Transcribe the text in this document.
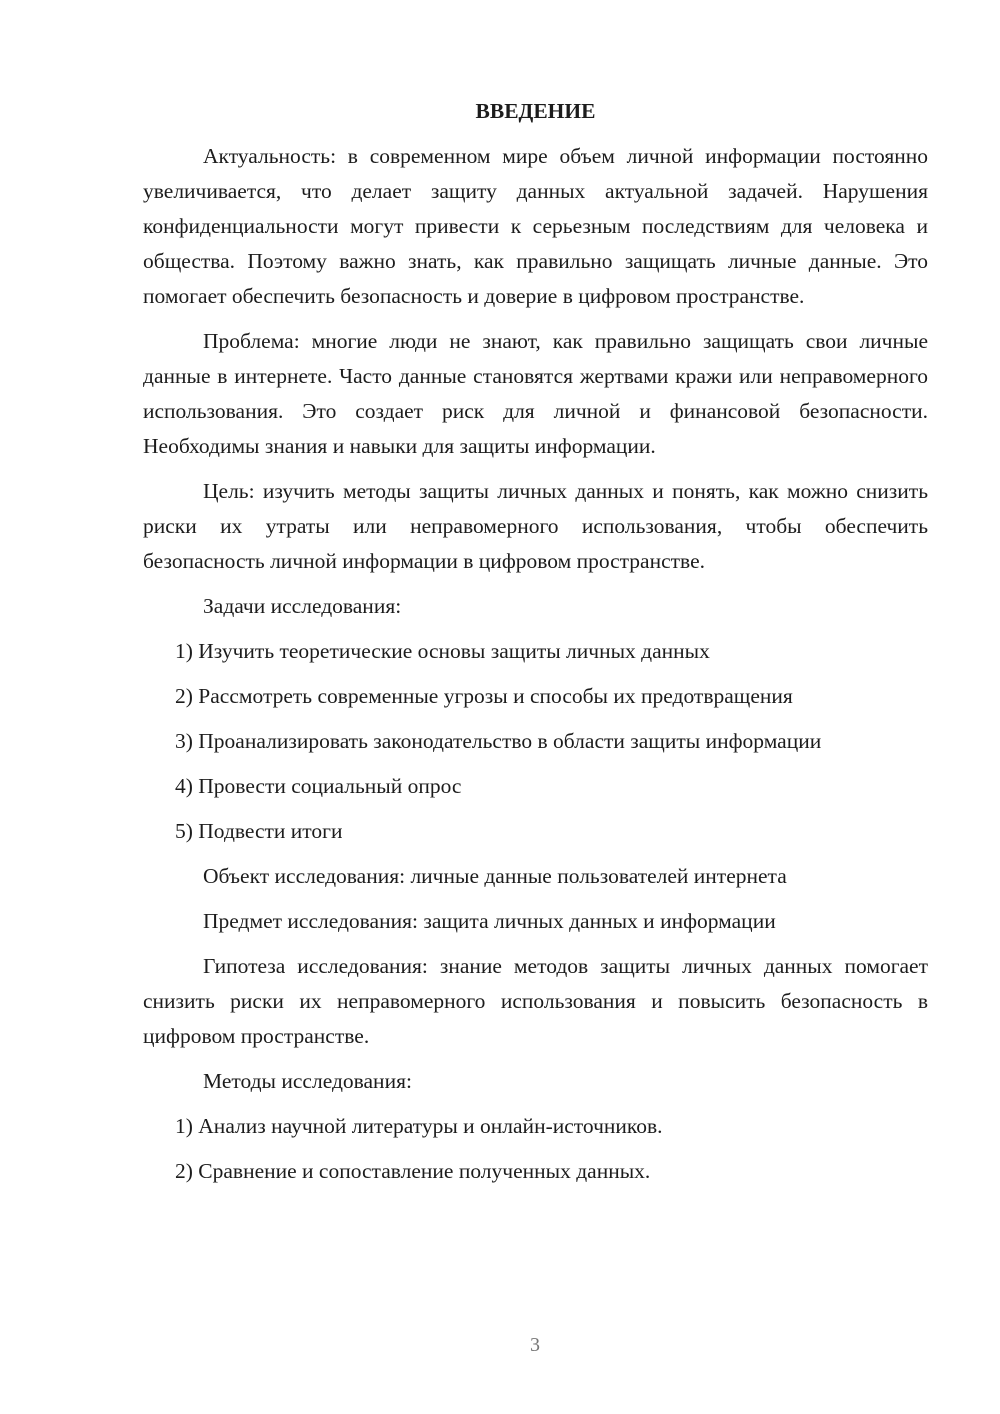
ВВЕДЕНИЕ

Актуальность: в современном мире объем личной информации постоянно увеличивается, что делает защиту данных актуальной задачей. Нарушения конфиденциальности могут привести к серьезным последствиям для человека и общества. Поэтому важно знать, как правильно защищать личные данные. Это помогает обеспечить безопасность и доверие в цифровом пространстве.

Проблема: многие люди не знают, как правильно защищать свои личные данные в интернете. Часто данные становятся жертвами кражи или неправомерного использования. Это создает риск для личной и финансовой безопасности. Необходимы знания и навыки для защиты информации.

Цель: изучить методы защиты личных данных и понять, как можно снизить риски их утраты или неправомерного использования, чтобы обеспечить безопасность личной информации в цифровом пространстве.

Задачи исследования:

1) Изучить теоретические основы защиты личных данных

2) Рассмотреть современные угрозы и способы их предотвращения

3) Проанализировать законодательство в области защиты информации

4) Провести социальный опрос

5) Подвести итоги

Объект исследования: личные данные пользователей интернета

Предмет исследования: защита личных данных и информации

Гипотеза исследования: знание методов защиты личных данных помогает снизить риски их неправомерного использования и повысить безопасность в цифровом пространстве.

Методы исследования:

1) Анализ научной литературы и онлайн-источников.

2) Сравнение и сопоставление полученных данных.

3
